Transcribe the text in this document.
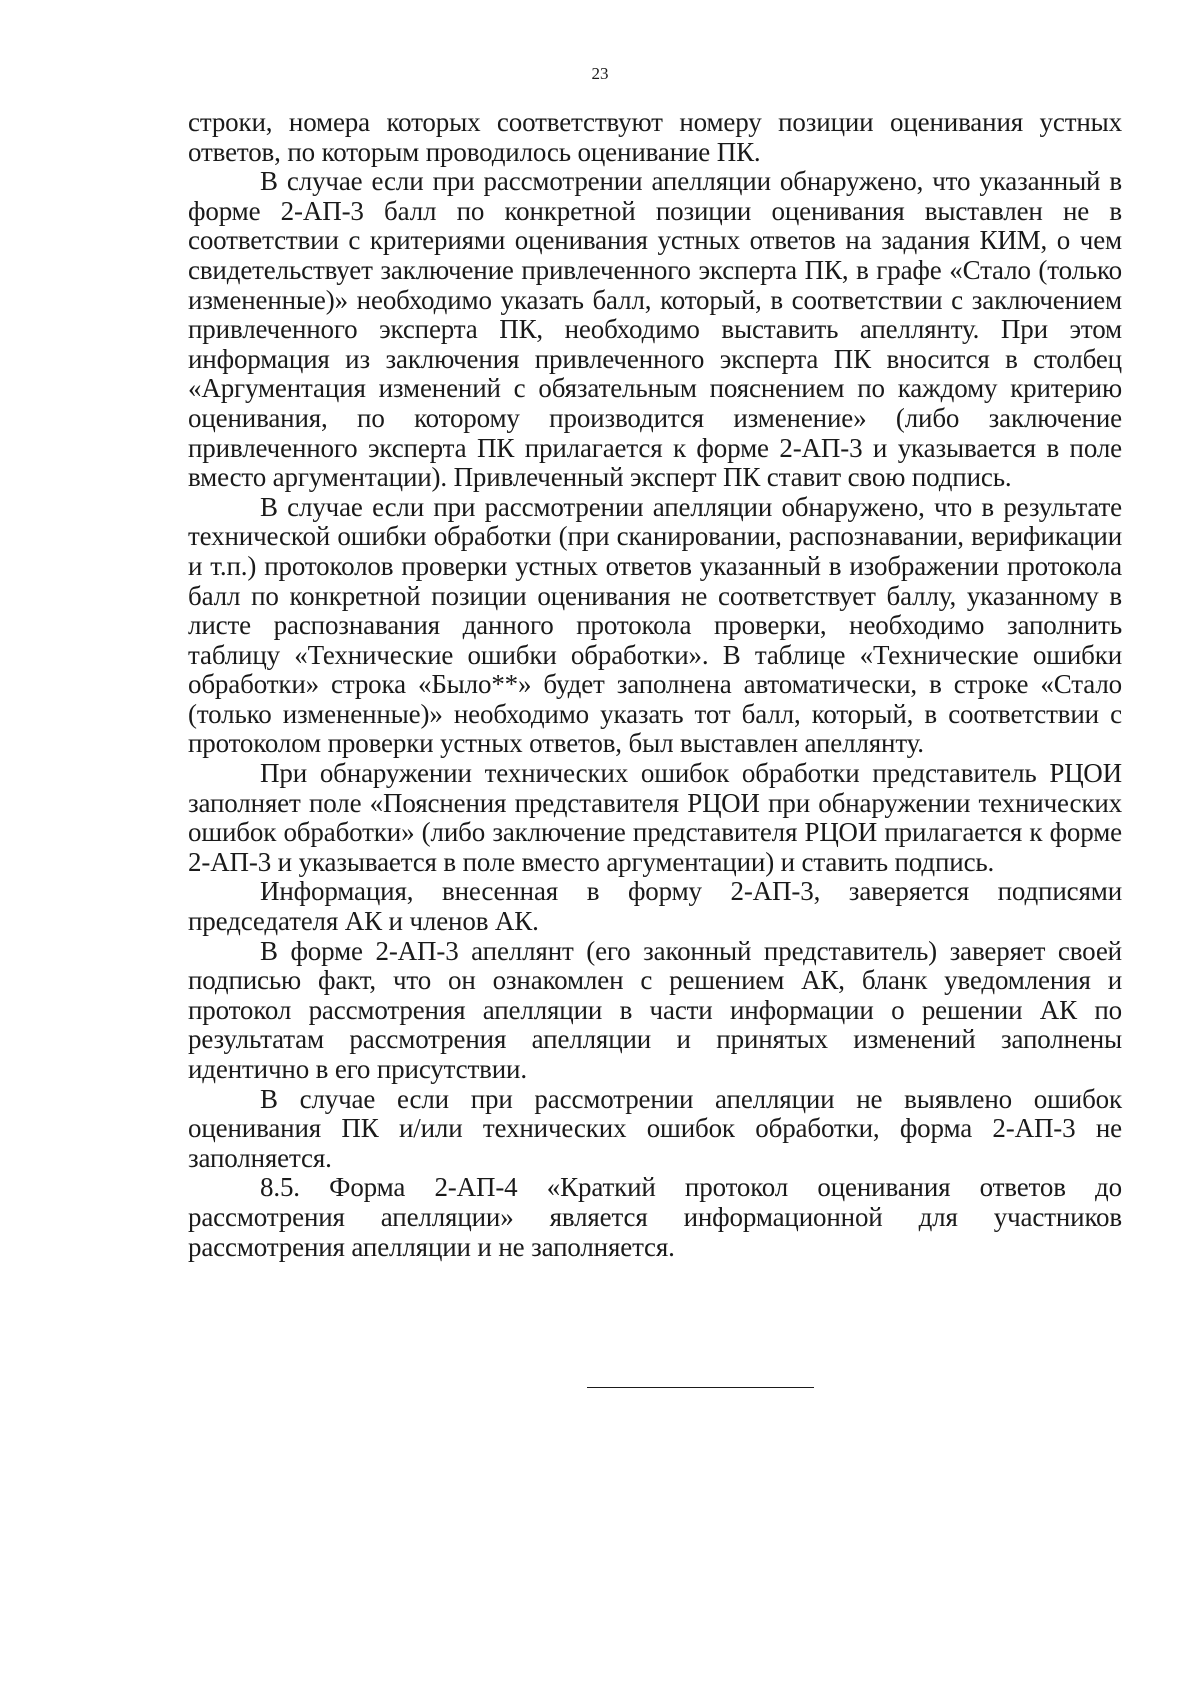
23

строки, номера которых соответствуют номеру позиции оценивания устных ответов, по которым проводилось оценивание ПК.

В случае если при рассмотрении апелляции обнаружено, что указанный в форме 2-АП-3 балл по конкретной позиции оценивания выставлен не в соответствии с критериями оценивания устных ответов на задания КИМ, о чем свидетельствует заключение привлеченного эксперта ПК, в графе «Стало (только измененные)» необходимо указать балл, который, в соответствии с заключением привлеченного эксперта ПК, необходимо выставить апеллянту. При этом информация из заключения привлеченного эксперта ПК вносится в столбец «Аргументация изменений с обязательным пояснением по каждому критерию оценивания, по которому производится изменение» (либо заключение привлеченного эксперта ПК прилагается к форме 2-АП-3 и указывается в поле вместо аргументации). Привлеченный эксперт ПК ставит свою подпись.

В случае если при рассмотрении апелляции обнаружено, что в результате технической ошибки обработки (при сканировании, распознавании, верификации и т.п.) протоколов проверки устных ответов указанный в изображении протокола балл по конкретной позиции оценивания не соответствует баллу, указанному в листе распознавания данного протокола проверки, необходимо заполнить таблицу «Технические ошибки обработки». В таблице «Технические ошибки обработки» строка «Было**» будет заполнена автоматически, в строке «Стало (только измененные)» необходимо указать тот балл, который, в соответствии с протоколом проверки устных ответов, был выставлен апеллянту.

При обнаружении технических ошибок обработки представитель РЦОИ заполняет поле «Пояснения представителя РЦОИ при обнаружении технических ошибок обработки» (либо заключение представителя РЦОИ прилагается к форме 2-АП-3 и указывается в поле вместо аргументации) и ставить подпись.

Информация, внесенная в форму 2-АП-3, заверяется подписями председателя АК и членов АК.

В форме 2-АП-3 апеллянт (его законный представитель) заверяет своей подписью факт, что он ознакомлен с решением АК, бланк уведомления и протокол рассмотрения апелляции в части информации о решении АК по результатам рассмотрения апелляции и принятых изменений заполнены идентично в его присутствии.

В случае если при рассмотрении апелляции не выявлено ошибок оценивания ПК и/или технических ошибок обработки, форма 2-АП-3 не заполняется.

8.5. Форма 2-АП-4 «Краткий протокол оценивания ответов до рассмотрения апелляции» является информационной для участников рассмотрения апелляции и не заполняется.
